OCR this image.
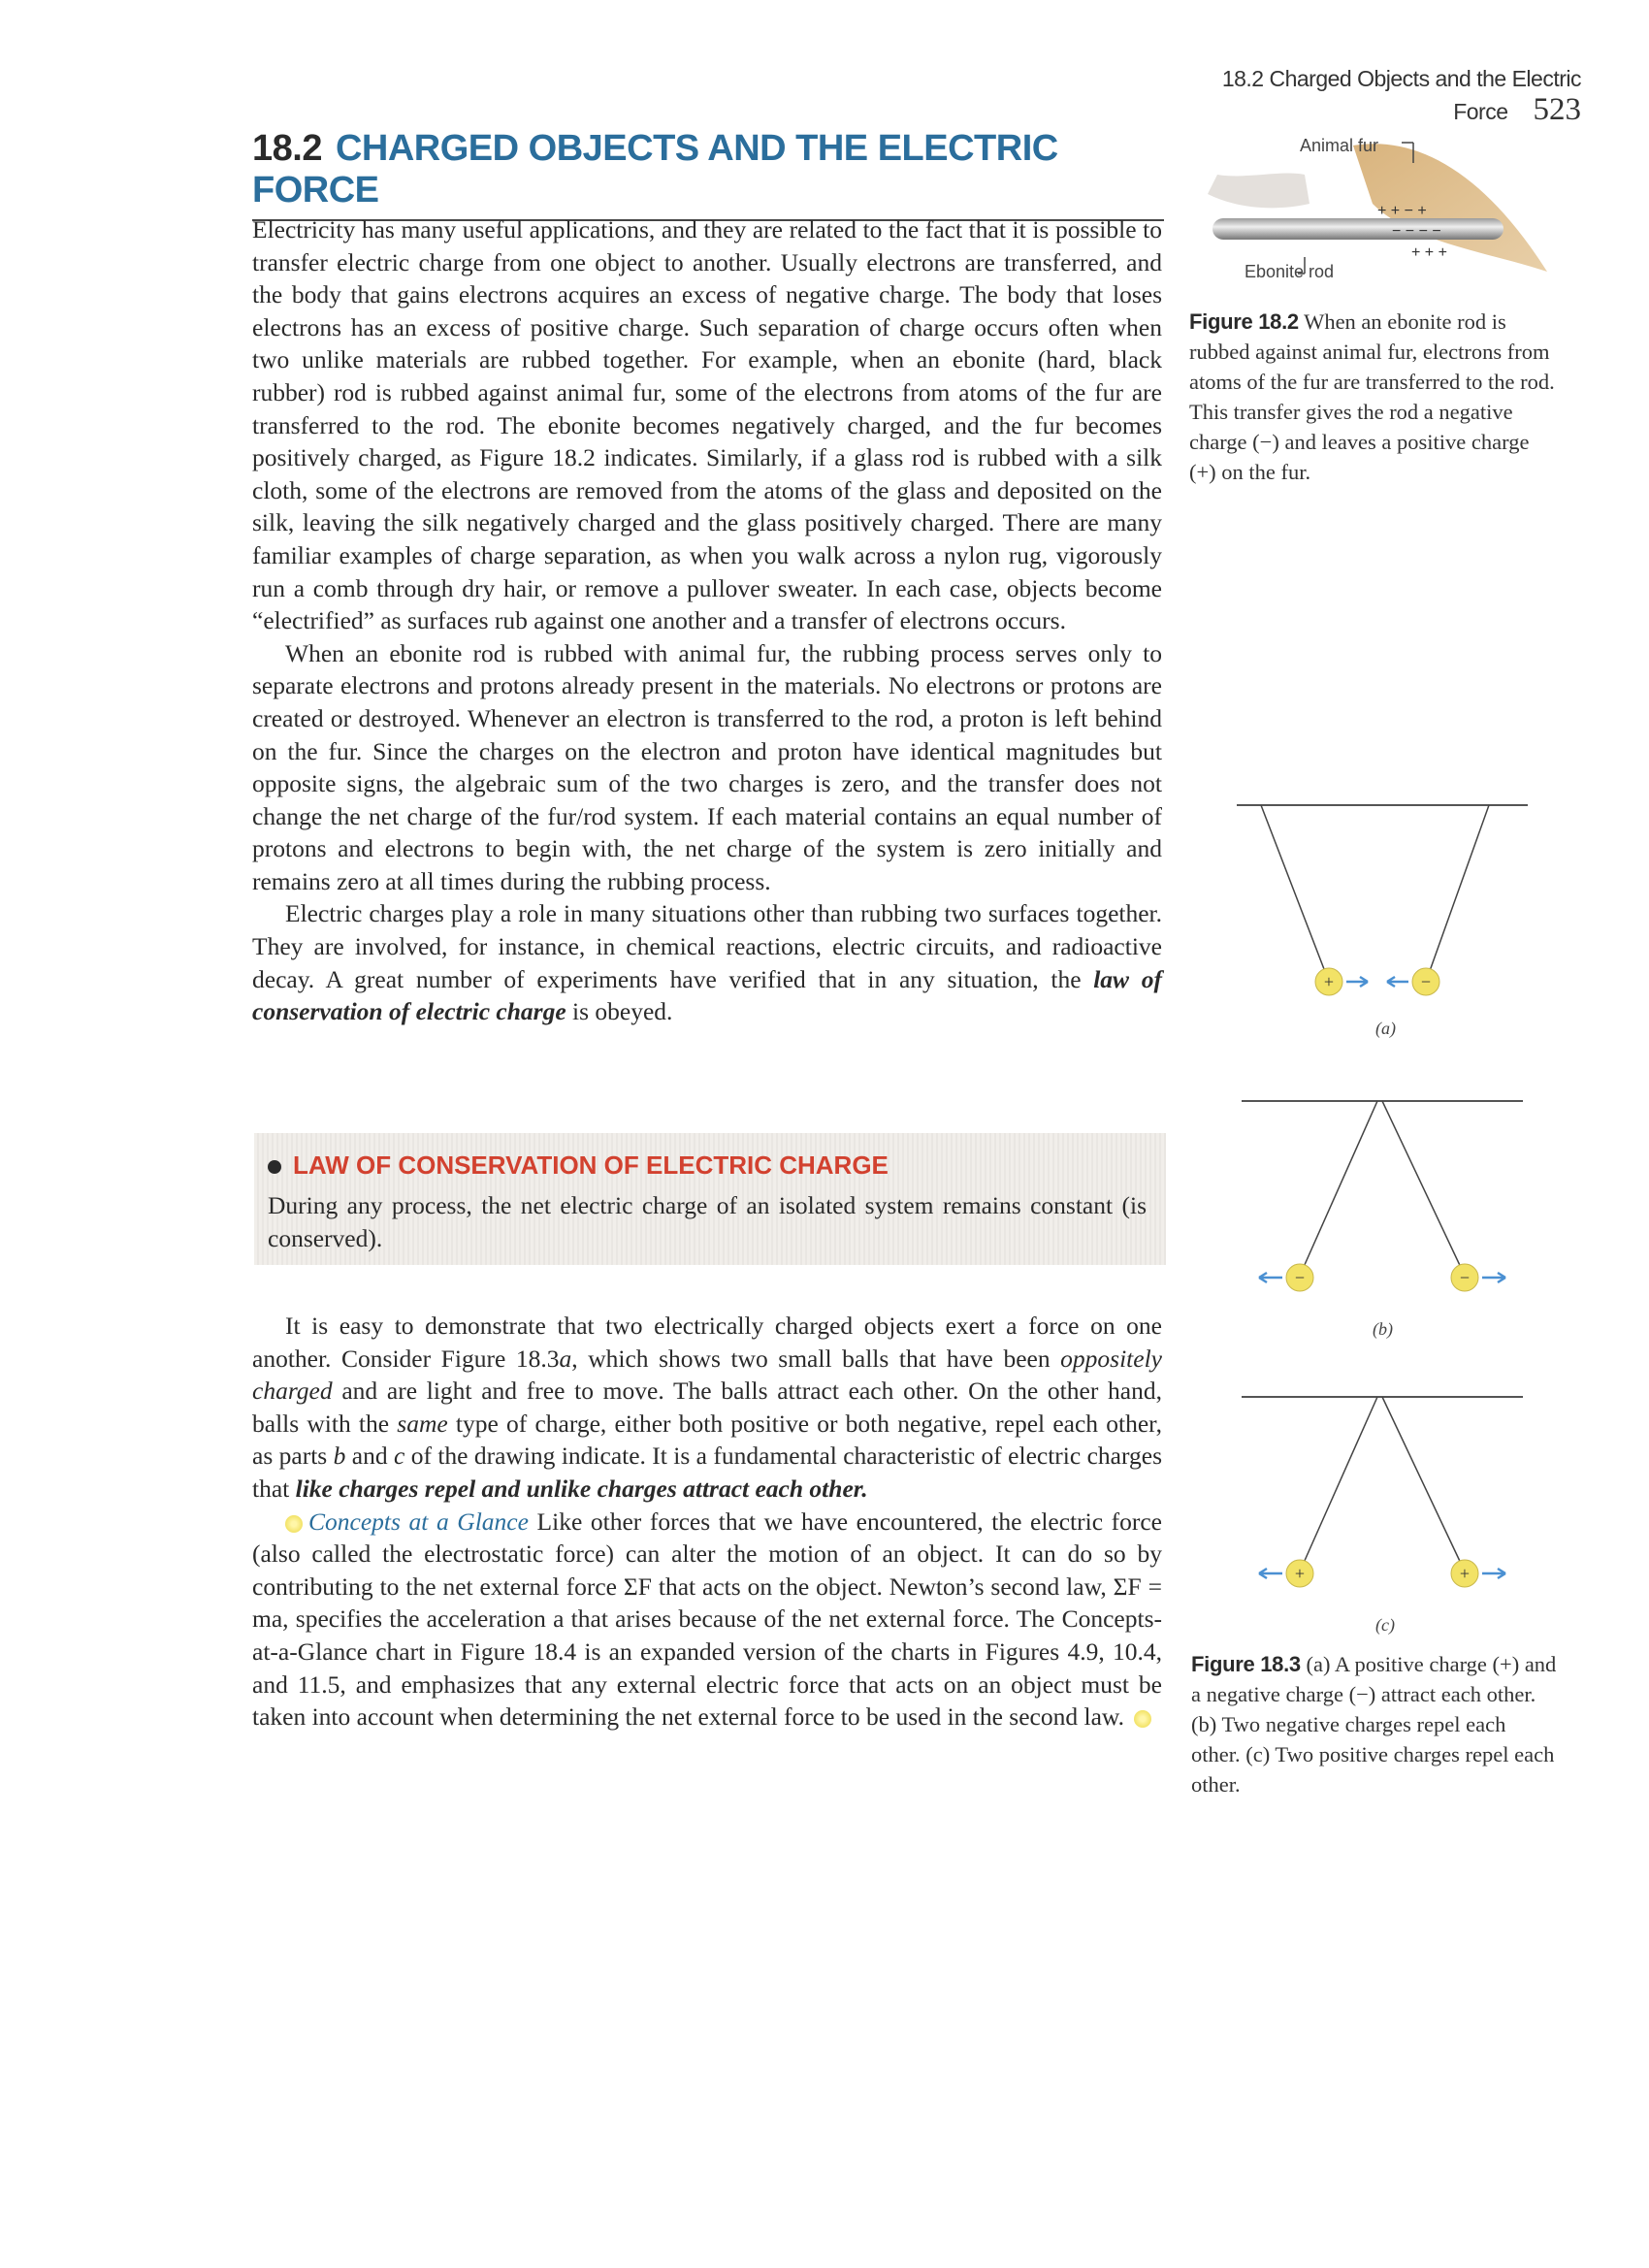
18.2 Charged Objects and the Electric Force 523
18.2 CHARGED OBJECTS AND THE ELECTRIC FORCE

Electricity has many useful applications, and they are related to the fact that it is possible to transfer electric charge from one object to another. Usually electrons are transferred, and the body that gains electrons acquires an excess of negative charge. The body that loses electrons has an excess of positive charge. Such separation of charge occurs often when two unlike materials are rubbed together. For example, when an ebonite (hard, black rubber) rod is rubbed against animal fur, some of the electrons from atoms of the fur are transferred to the rod. The ebonite becomes negatively charged, and the fur becomes positively charged, as Figure 18.2 indicates. Similarly, if a glass rod is rubbed with a silk cloth, some of the electrons are removed from the atoms of the glass and deposited on the silk, leaving the silk negatively charged and the glass positively charged. There are many familiar examples of charge separation, as when you walk across a nylon rug, vigorously run a comb through dry hair, or remove a pullover sweater. In each case, objects become “electrified” as surfaces rub against one another and a transfer of electrons occurs.

When an ebonite rod is rubbed with animal fur, the rubbing process serves only to separate electrons and protons already present in the materials. No electrons or protons are created or destroyed. Whenever an electron is transferred to the rod, a proton is left behind on the fur. Since the charges on the electron and proton have identical magnitudes but opposite signs, the algebraic sum of the two charges is zero, and the transfer does not change the net charge of the fur/rod system. If each material contains an equal number of protons and electrons to begin with, the net charge of the system is zero initially and remains zero at all times during the rubbing process.

Electric charges play a role in many situations other than rubbing two surfaces together. They are involved, for instance, in chemical reactions, electric circuits, and radioactive decay. A great number of experiments have verified that in any situation, the law of conservation of electric charge is obeyed.

LAW OF CONSERVATION OF ELECTRIC CHARGE
During any process, the net electric charge of an isolated system remains constant (is conserved).

It is easy to demonstrate that two electrically charged objects exert a force on one another. Consider Figure 18.3a, which shows two small balls that have been oppositely charged and are light and free to move. The balls attract each other. On the other hand, balls with the same type of charge, either both positive or both negative, repel each other, as parts b and c of the drawing indicate. It is a fundamental characteristic of electric charges that like charges repel and unlike charges attract each other.

Concepts at a Glance Like other forces that we have encountered, the electric force (also called the electrostatic force) can alter the motion of an object. It can do so by contributing to the net external force ΣF that acts on the object. Newton’s second law, ΣF = ma, specifies the acceleration a that arises because of the net external force. The Concepts-at-a-Glance chart in Figure 18.4 is an expanded version of the charts in Figures 4.9, 10.4, and 11.5, and emphasizes that any external electric force that acts on an object must be taken into account when determining the net external force to be used in the second law.

+ + − +
− − − −
+ + +
Animal fur
Ebonite rod
Figure 18.2 When an ebonite rod is rubbed against animal fur, electrons from atoms of the fur are transferred to the rod. This transfer gives the rod a negative charge (−) and leaves a positive charge (+) on the fur.
+	−
(a)
−	−
(b)
+	+
(c)
Figure 18.3 (a) A positive charge (+) and a negative charge (−) attract each other. (b) Two negative charges repel each other. (c) Two positive charges repel each other.
